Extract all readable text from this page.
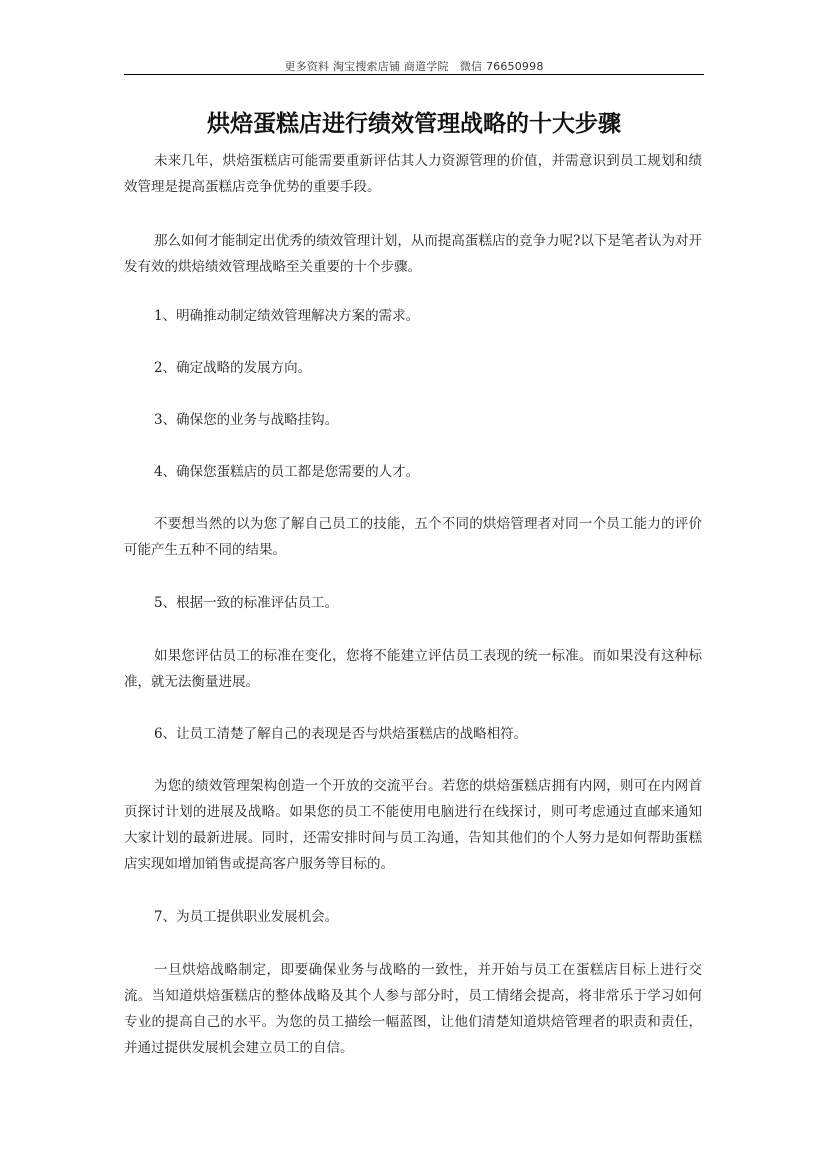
更多资料 淘宝搜索店铺 商道学院　微信 76650998
烘焙蛋糕店进行绩效管理战略的十大步骤

未来几年，烘焙蛋糕店可能需要重新评估其人力资源管理的价值，并需意识到员工规划和绩效管理是提高蛋糕店竞争优势的重要手段。

那么如何才能制定出优秀的绩效管理计划，从而提高蛋糕店的竞争力呢?以下是笔者认为对开发有效的烘焙绩效管理战略至关重要的十个步骤。

1、明确推动制定绩效管理解决方案的需求。

2、确定战略的发展方向。

3、确保您的业务与战略挂钩。

4、确保您蛋糕店的员工都是您需要的人才。

不要想当然的以为您了解自己员工的技能，五个不同的烘焙管理者对同一个员工能力的评价可能产生五种不同的结果。

5、根据一致的标准评估员工。

如果您评估员工的标准在变化，您将不能建立评估员工表现的统一标准。而如果没有这种标准，就无法衡量进展。

6、让员工清楚了解自己的表现是否与烘焙蛋糕店的战略相符。

为您的绩效管理架构创造一个开放的交流平台。若您的烘焙蛋糕店拥有内网，则可在内网首页探讨计划的进展及战略。如果您的员工不能使用电脑进行在线探讨，则可考虑通过直邮来通知大家计划的最新进展。同时，还需安排时间与员工沟通，告知其他们的个人努力是如何帮助蛋糕店实现如增加销售或提高客户服务等目标的。

7、为员工提供职业发展机会。

一旦烘焙战略制定，即要确保业务与战略的一致性，并开始与员工在蛋糕店目标上进行交流。当知道烘焙蛋糕店的整体战略及其个人参与部分时，员工情绪会提高，将非常乐于学习如何专业的提高自己的水平。为您的员工描绘一幅蓝图，让他们清楚知道烘焙管理者的职责和责任，并通过提供发展机会建立员工的自信。
